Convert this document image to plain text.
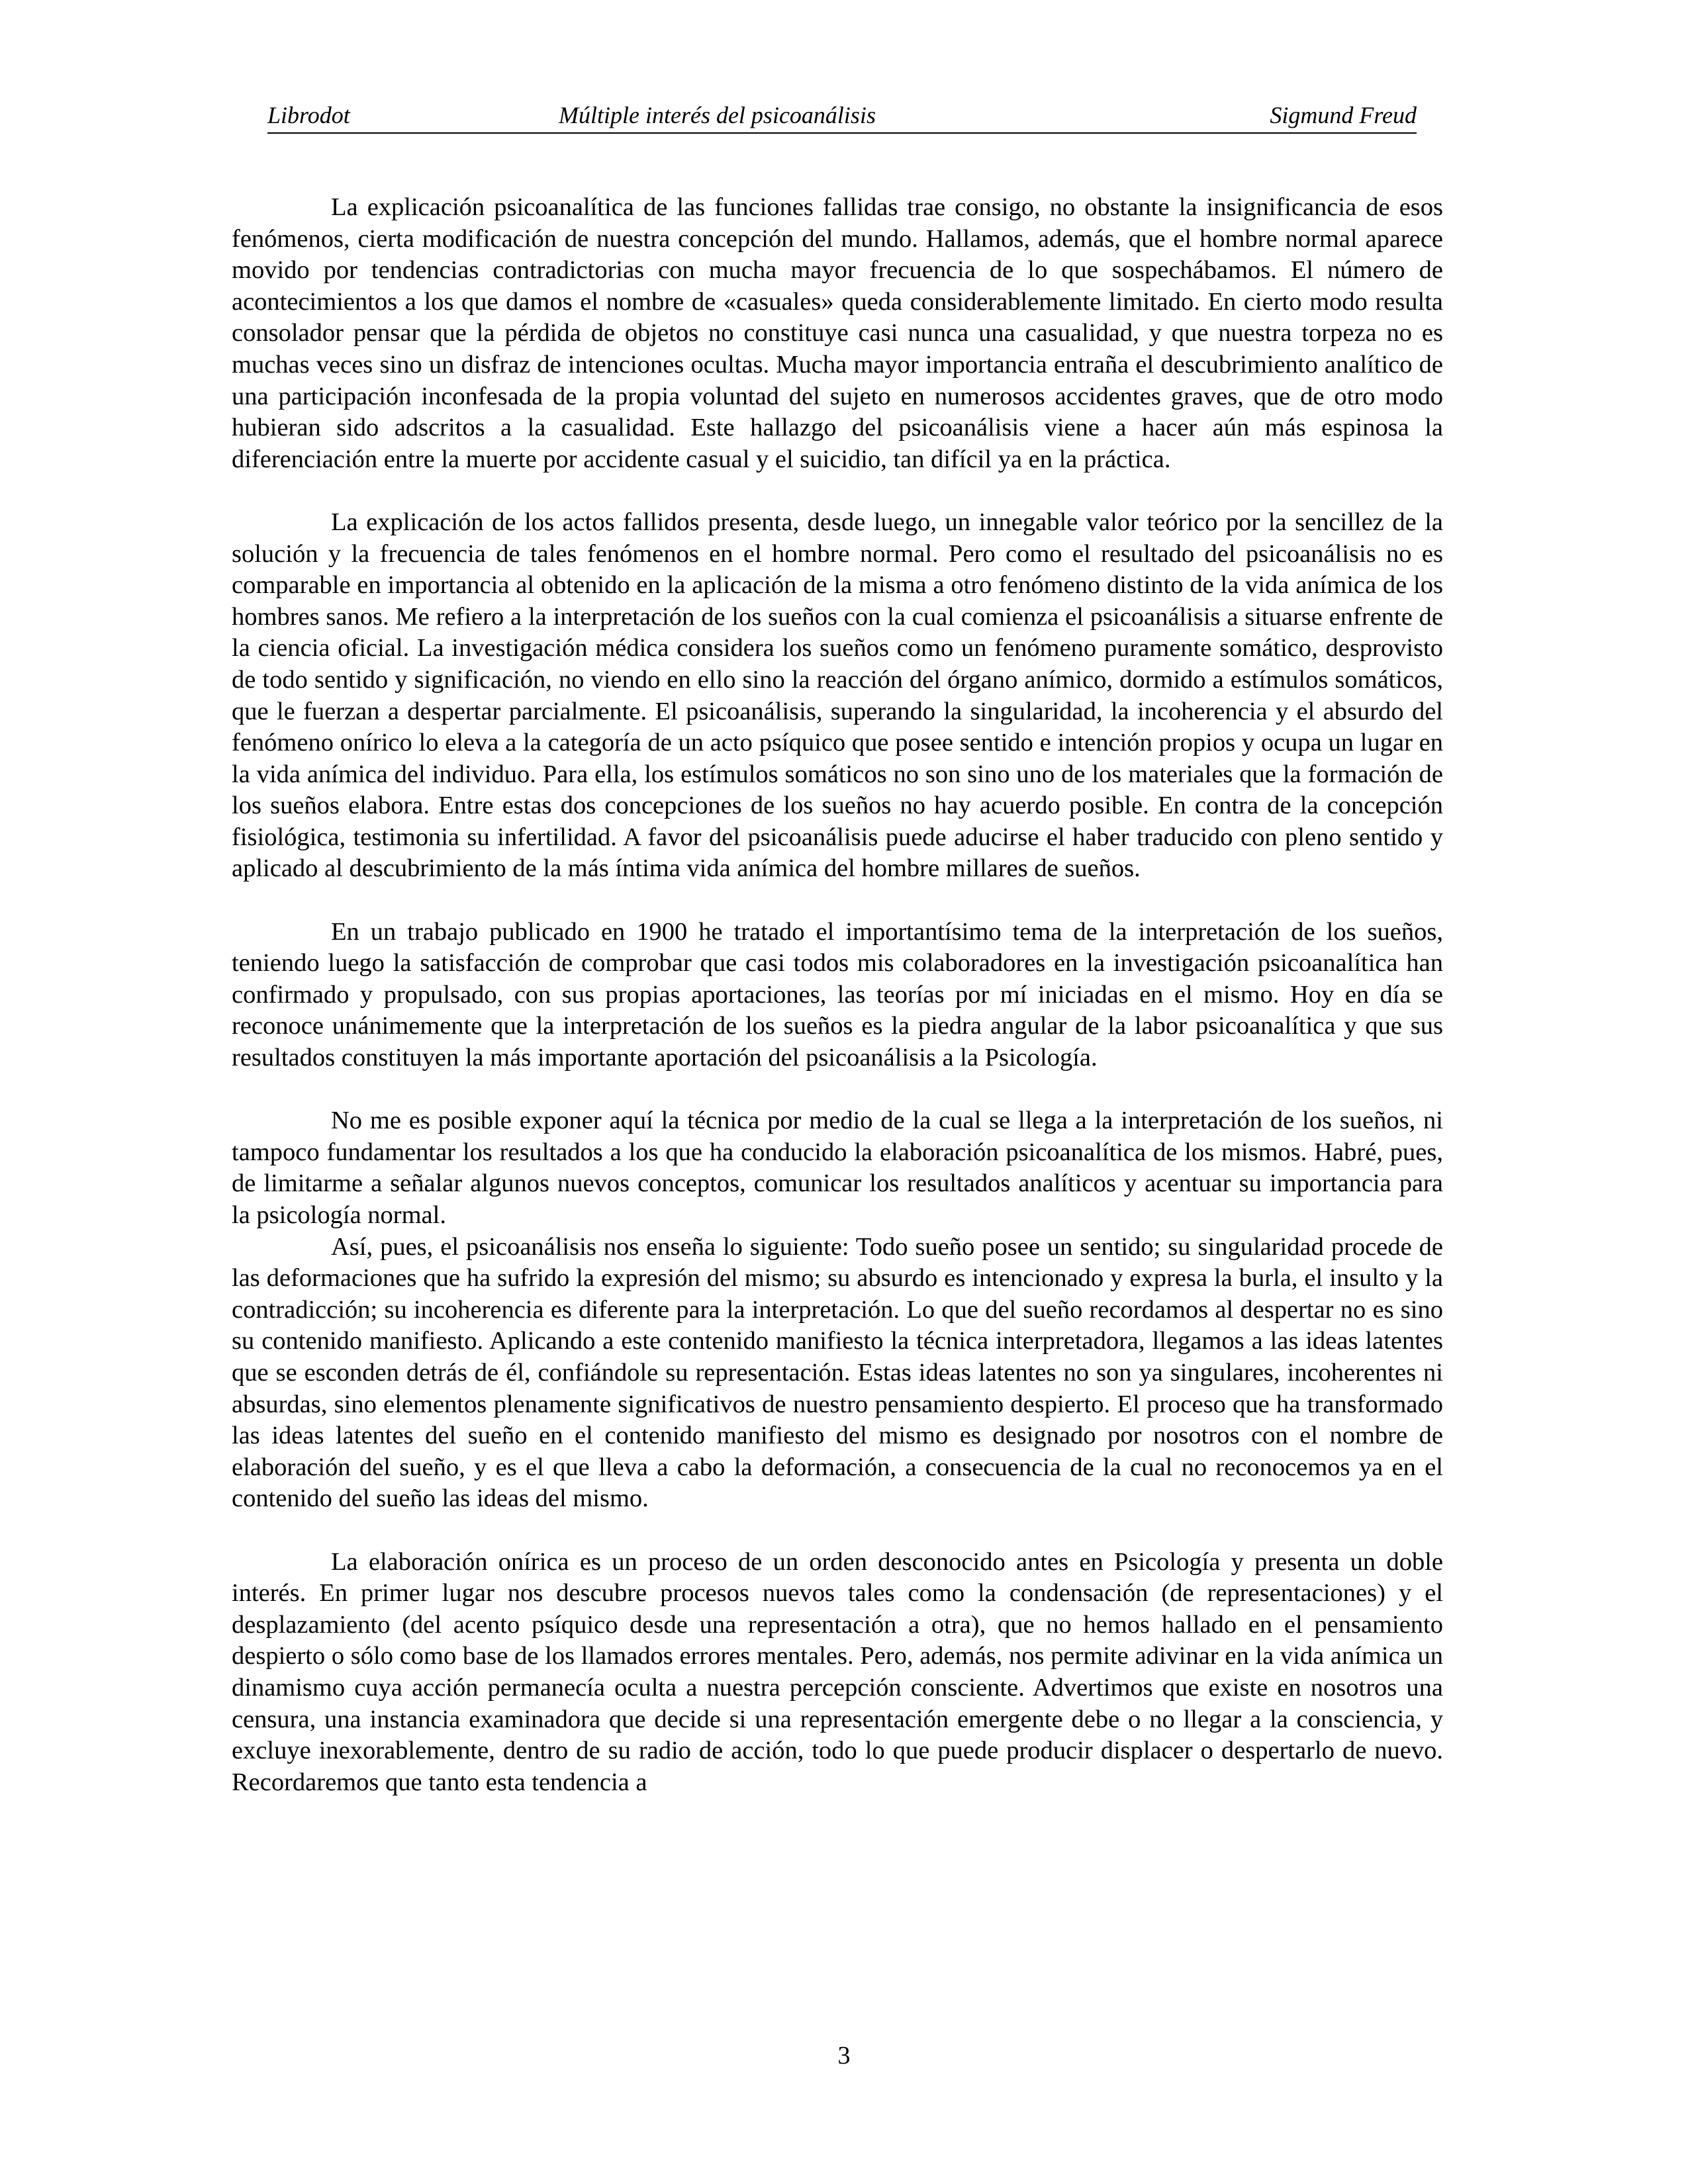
Librodot	Múltiple interés del psicoanálisis	Sigmund Freud

La explicación psicoanalítica de las funciones fallidas trae consigo, no obstante la insignificancia de esos fenómenos, cierta modificación de nuestra concepción del mundo. Hallamos, además, que el hombre normal aparece movido por tendencias contradictorias con mucha mayor frecuencia de lo que sospechábamos. El número de acontecimientos a los que damos el nombre de «casuales» queda considerablemente limitado. En cierto modo resulta consolador pensar que la pérdida de objetos no constituye casi nunca una casualidad, y que nuestra torpeza no es muchas veces sino un disfraz de intenciones ocultas. Mucha mayor importancia entraña el descubrimiento analítico de una participación inconfesada de la propia voluntad del sujeto en numerosos accidentes graves, que de otro modo hubieran sido adscritos a la casualidad. Este hallazgo del psicoanálisis viene a hacer aún más espinosa la diferenciación entre la muerte por accidente casual y el suicidio, tan difícil ya en la práctica.

La explicación de los actos fallidos presenta, desde luego, un innegable valor teórico por la sencillez de la solución y la frecuencia de tales fenómenos en el hombre normal. Pero como el resultado del psicoanálisis no es comparable en importancia al obtenido en la aplicación de la misma a otro fenómeno distinto de la vida anímica de los hombres sanos. Me refiero a la interpretación de los sueños con la cual comienza el psicoanálisis a situarse enfrente de la ciencia oficial. La investigación médica considera los sueños como un fenómeno puramente somático, desprovisto de todo sentido y significación, no viendo en ello sino la reacción del órgano anímico, dormido a estímulos somáticos, que le fuerzan a despertar parcialmente. El psicoanálisis, superando la singularidad, la incoherencia y el absurdo del fenómeno onírico lo eleva a la categoría de un acto psíquico que posee sentido e intención propios y ocupa un lugar en la vida anímica del individuo. Para ella, los estímulos somáticos no son sino uno de los materiales que la formación de los sueños elabora. Entre estas dos concepciones de los sueños no hay acuerdo posible. En contra de la concepción fisiológica, testimonia su infertilidad. A favor del psicoanálisis puede aducirse el haber traducido con pleno sentido y aplicado al descubrimiento de la más íntima vida anímica del hombre millares de sueños.

En un trabajo publicado en 1900 he tratado el importantísimo tema de la interpretación de los sueños, teniendo luego la satisfacción de comprobar que casi todos mis colaboradores en la investigación psicoanalítica han confirmado y propulsado, con sus propias aportaciones, las teorías por mí iniciadas en el mismo. Hoy en día se reconoce unánimemente que la interpretación de los sueños es la piedra angular de la labor psicoanalítica y que sus resultados constituyen la más importante aportación del psicoanálisis a la Psicología.

No me es posible exponer aquí la técnica por medio de la cual se llega a la interpretación de los sueños, ni tampoco fundamentar los resultados a los que ha conducido la elaboración psicoanalítica de los mismos. Habré, pues, de limitarme a señalar algunos nuevos conceptos, comunicar los resultados analíticos y acentuar su importancia para la psicología normal.

Así, pues, el psicoanálisis nos enseña lo siguiente: Todo sueño posee un sentido; su singularidad procede de las deformaciones que ha sufrido la expresión del mismo; su absurdo es intencionado y expresa la burla, el insulto y la contradicción; su incoherencia es diferente para la interpretación. Lo que del sueño recordamos al despertar no es sino su contenido manifiesto. Aplicando a este contenido manifiesto la técnica interpretadora, llegamos a las ideas latentes que se esconden detrás de él, confiándole su representación. Estas ideas latentes no son ya singulares, incoherentes ni absurdas, sino elementos plenamente significativos de nuestro pensamiento despierto. El proceso que ha transformado las ideas latentes del sueño en el contenido manifiesto del mismo es designado por nosotros con el nombre de elaboración del sueño, y es el que lleva a cabo la deformación, a consecuencia de la cual no reconocemos ya en el contenido del sueño las ideas del mismo.

La elaboración onírica es un proceso de un orden desconocido antes en Psicología y presenta un doble interés. En primer lugar nos descubre procesos nuevos tales como la condensación (de representaciones) y el desplazamiento (del acento psíquico desde una representación a otra), que no hemos hallado en el pensamiento despierto o sólo como base de los llamados errores mentales. Pero, además, nos permite adivinar en la vida anímica un dinamismo cuya acción permanecía oculta a nuestra percepción consciente. Advertimos que existe en nosotros una censura, una instancia examinadora que decide si una representación emergente debe o no llegar a la consciencia, y excluye inexorablemente, dentro de su radio de acción, todo lo que puede producir displacer o despertarlo de nuevo. Recordaremos que tanto esta tendencia a

3
